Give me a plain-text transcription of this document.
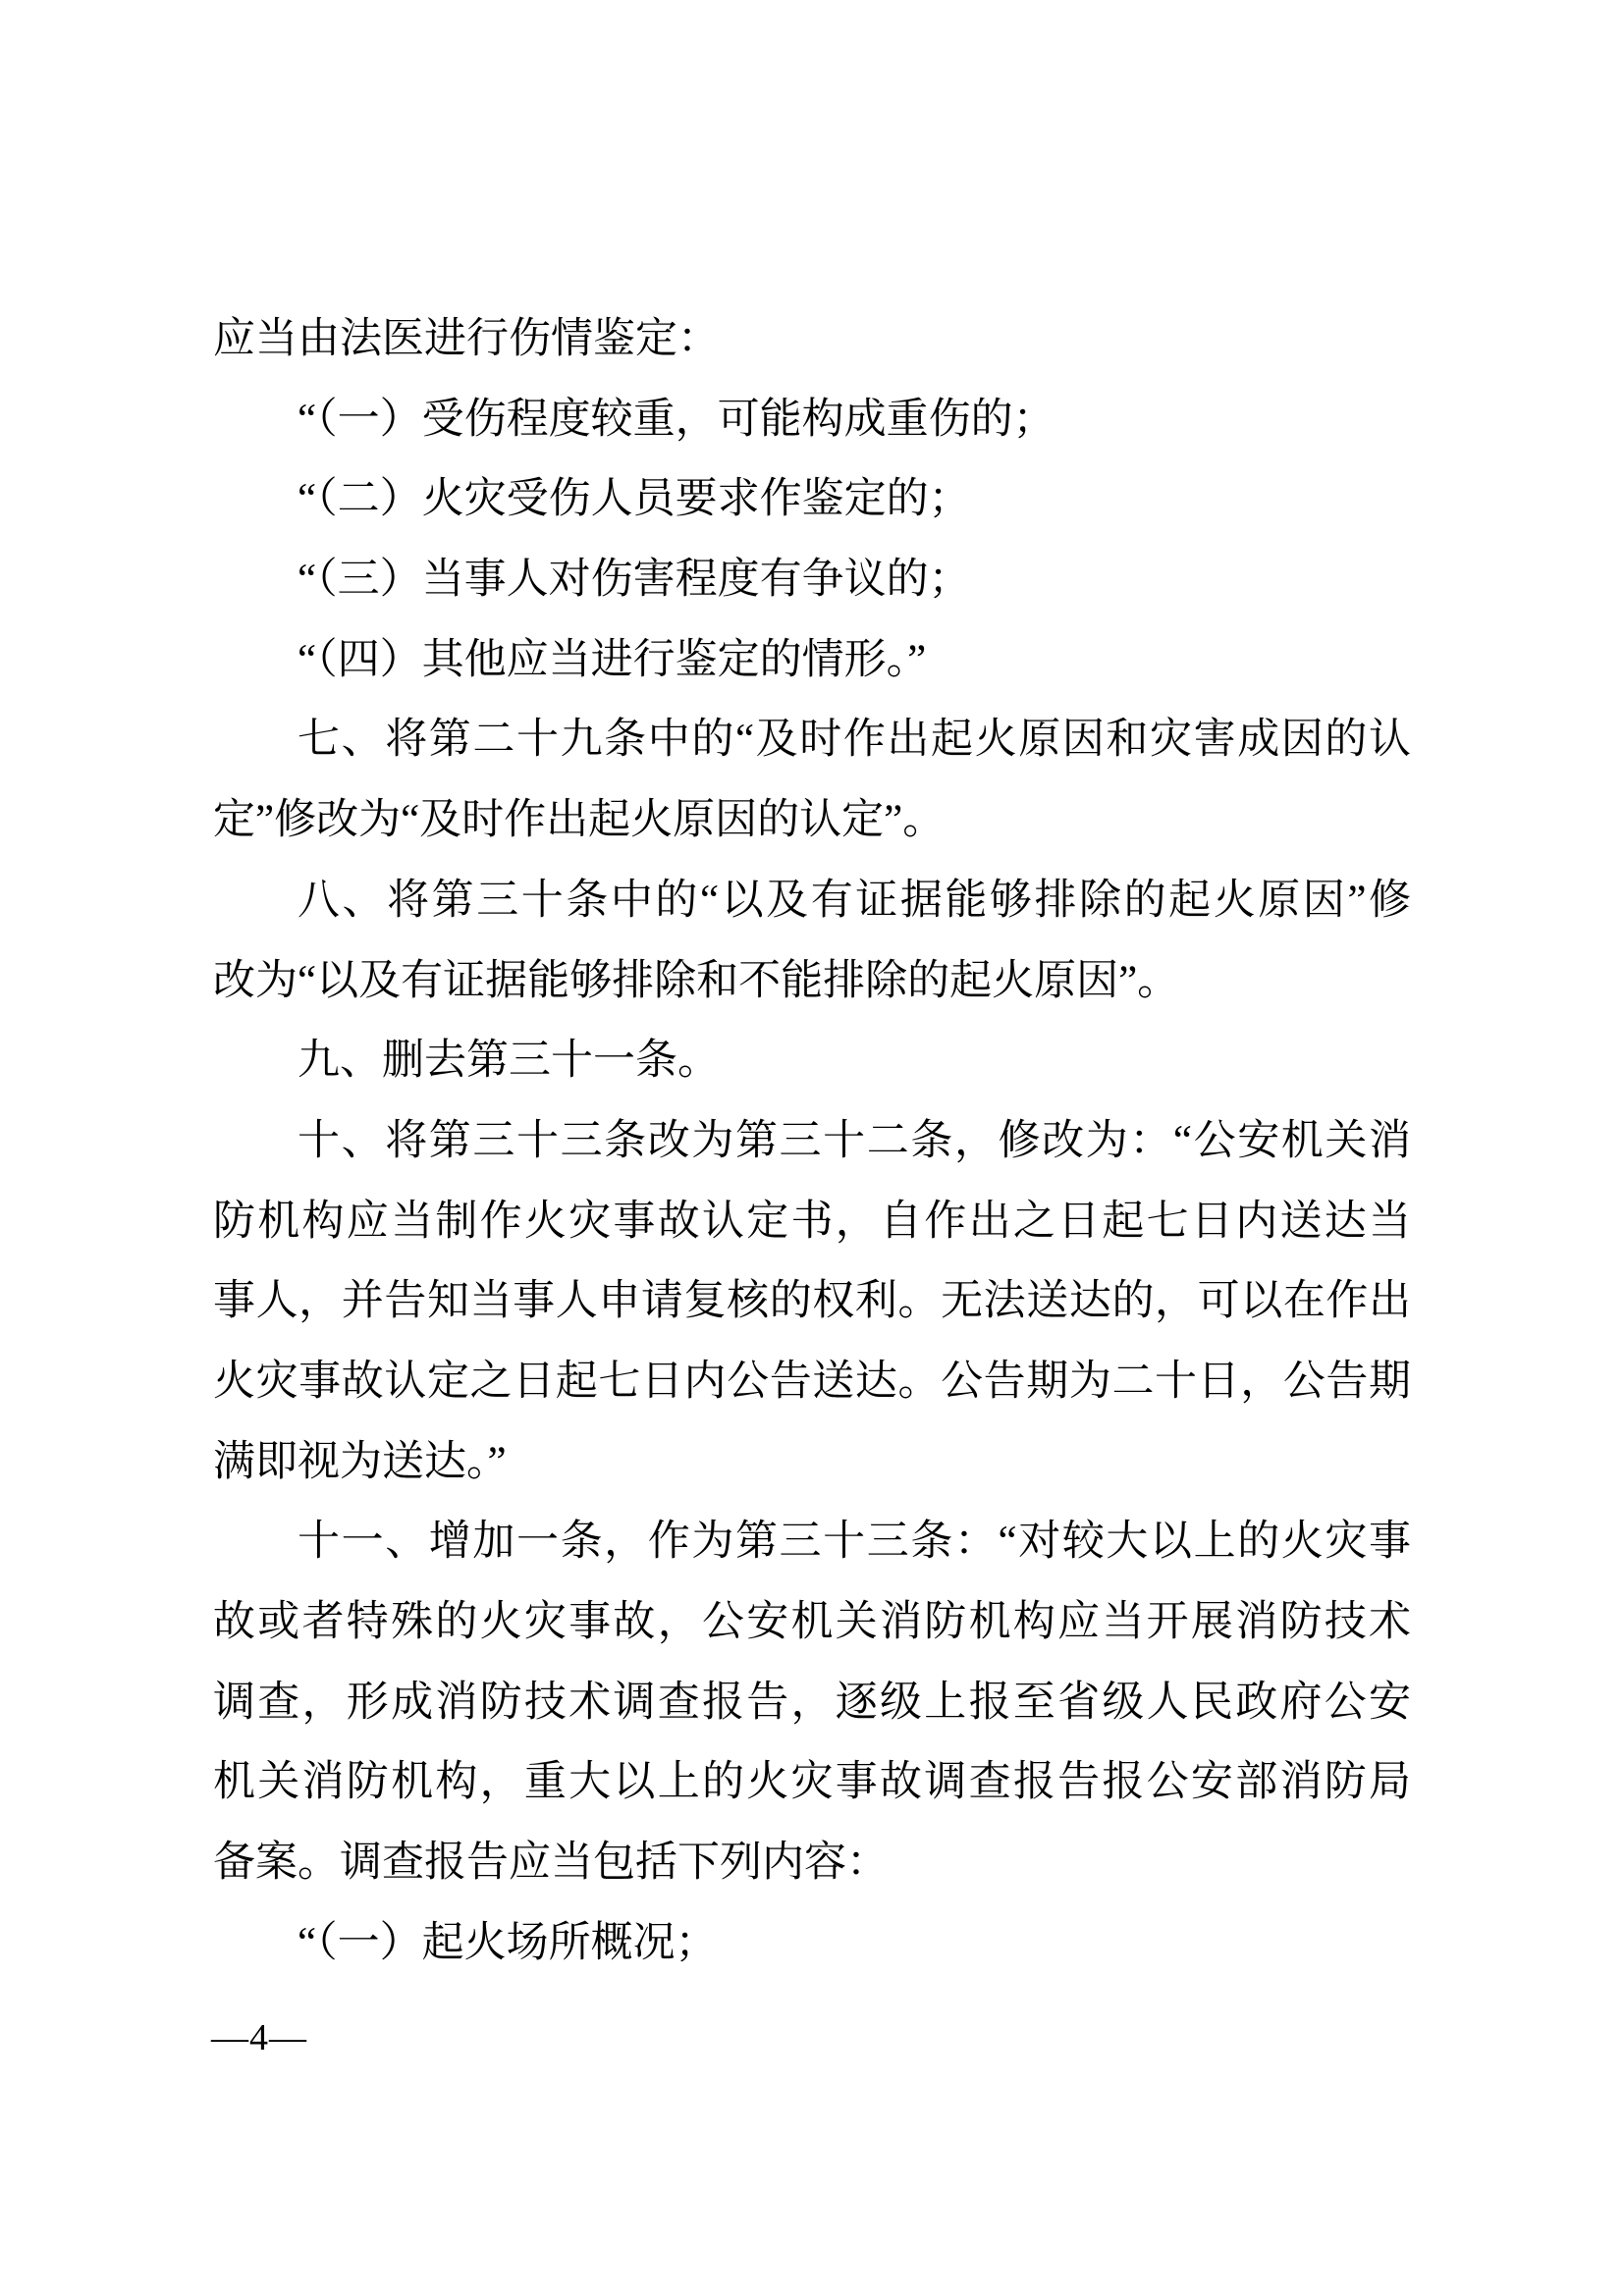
应当由法医进行伤情鉴定：
“（一）受伤程度较重，可能构成重伤的；
“（二）火灾受伤人员要求作鉴定的；
“（三）当事人对伤害程度有争议的；
“（四）其他应当进行鉴定的情形。”
七、将第二十九条中的“及时作出起火原因和灾害成因的认
定”修改为“及时作出起火原因的认定”。
八、将第三十条中的“以及有证据能够排除的起火原因”修
改为“以及有证据能够排除和不能排除的起火原因”。
九、删去第三十一条。
十、将第三十三条改为第三十二条，修改为：“公安机关消
防机构应当制作火灾事故认定书，自作出之日起七日内送达当
事人，并告知当事人申请复核的权利。无法送达的，可以在作出
火灾事故认定之日起七日内公告送达。公告期为二十日，公告期
满即视为送达。”
十一、增加一条，作为第三十三条：“对较大以上的火灾事
故或者特殊的火灾事故，公安机关消防机构应当开展消防技术
调查，形成消防技术调查报告，逐级上报至省级人民政府公安
机关消防机构，重大以上的火灾事故调查报告报公安部消防局
备案。调查报告应当包括下列内容：
“（一）起火场所概况；
—4—
